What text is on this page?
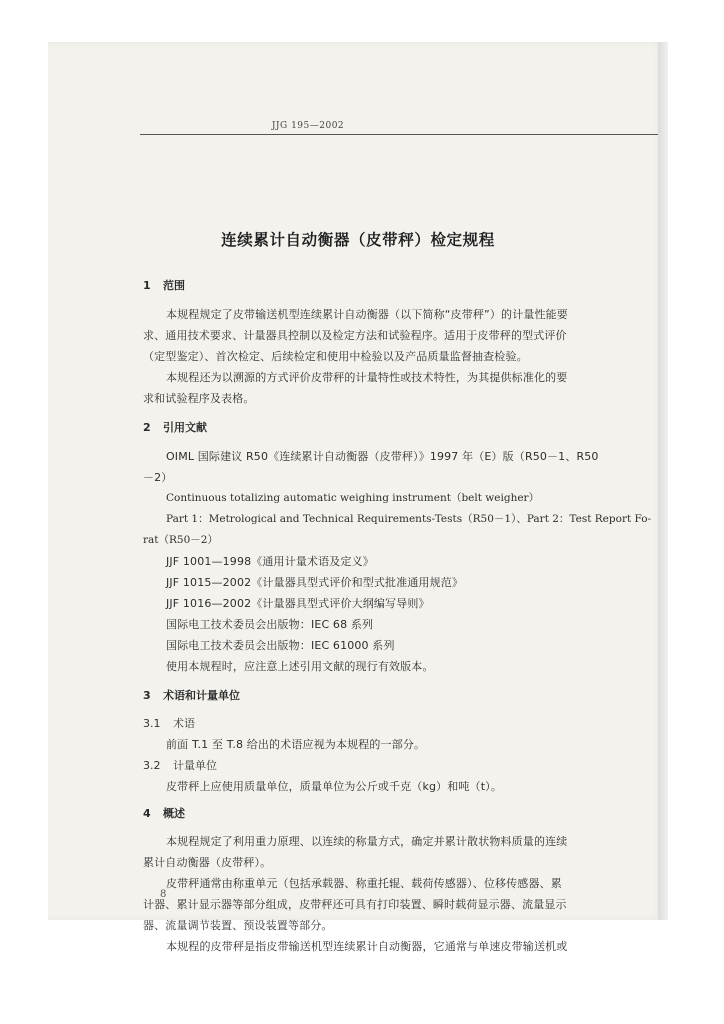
JJG 195—2002
连续累计自动衡器（皮带秤）检定规程
1 范围
本规程规定了皮带输送机型连续累计自动衡器（以下简称“皮带秤”）的计量性能要
求、通用技术要求、计量器具控制以及检定方法和试验程序。适用于皮带秤的型式评价
（定型鉴定）、首次检定、后续检定和使用中检验以及产品质量监督抽查检验。
本规程还为以溯源的方式评价皮带秤的计量特性或技术特性，为其提供标准化的要
求和试验程序及表格。
2 引用文献
OIML 国际建议 R50《连续累计自动衡器（皮带秤）》1997 年（E）版（R50－1、R50
－2）
Continuous totalizing automatic weighing instrument（belt weigher）
Part 1：Metrological and Technical Requirements-Tests（R50－1）、Part 2：Test Report Fo-
rat（R50－2）
JJF 1001—1998《通用计量术语及定义》
JJF 1015—2002《计量器具型式评价和型式批准通用规范》
JJF 1016—2002《计量器具型式评价大纲编写导则》
国际电工技术委员会出版物：IEC 68 系列
国际电工技术委员会出版物：IEC 61000 系列
使用本规程时，应注意上述引用文献的现行有效版本。
3 术语和计量单位
3.1 术语
前面 T.1 至 T.8 给出的术语应视为本规程的一部分。
3.2 计量单位
皮带秤上应使用质量单位，质量单位为公斤或千克（kg）和吨（t）。
4 概述
本规程规定了利用重力原理、以连续的称量方式，确定并累计散状物料质量的连续
累计自动衡器（皮带秤）。
皮带秤通常由称重单元（包括承载器、称重托辊、载荷传感器）、位移传感器、累
计器、累计显示器等部分组成，皮带秤还可具有打印装置、瞬时载荷显示器、流量显示
器、流量调节装置、预设装置等部分。
本规程的皮带秤是指皮带输送机型连续累计自动衡器，它通常与单速皮带输送机或
8
